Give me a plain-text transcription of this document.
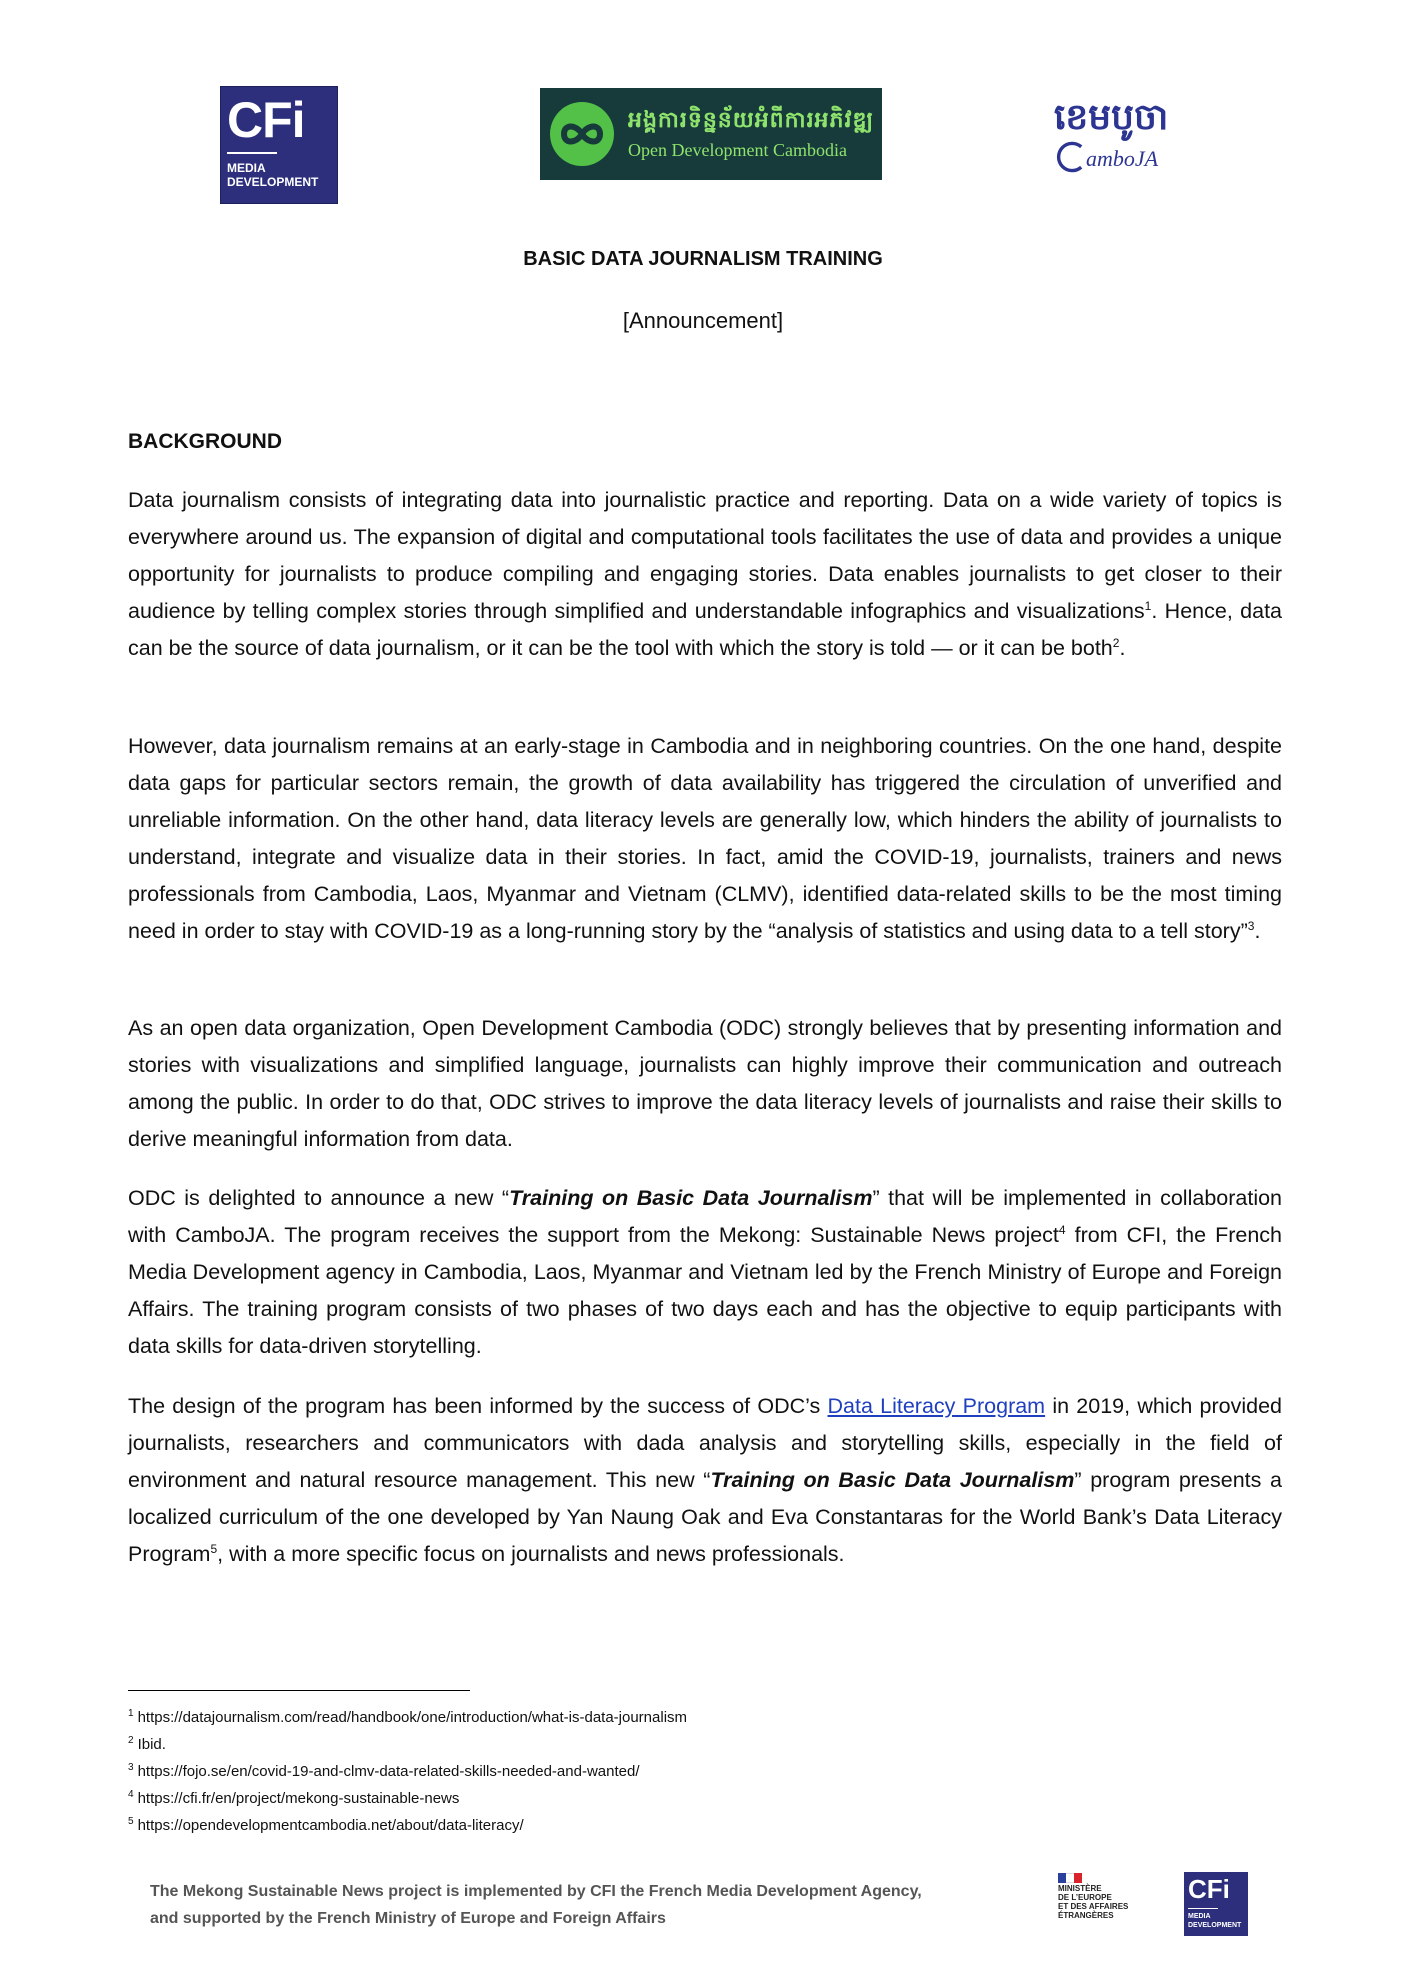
CFi
MEDIA
DEVELOPMENT
អង្គការទិន្នន័យអំពីការអភិវឌ្ឍ
Open Development Cambodia
ខេមបូចា
amboJA
BASIC DATA JOURNALISM TRAINING
[Announcement]
BACKGROUND

Data journalism consists of integrating data into journalistic practice and reporting. Data on a wide variety of topics is everywhere around us. The expansion of digital and computational tools facilitates the use of data and provides a unique opportunity for journalists to produce compiling and engaging stories. Data enables journalists to get closer to their audience by telling complex stories through simplified and understandable infographics and visualizations$^1$. Hence, data can be the source of data journalism, or it can be the tool with which the story is told — or it can be both$^2$.

However, data journalism remains at an early-stage in Cambodia and in neighboring countries. On the one hand, despite data gaps for particular sectors remain, the growth of data availability has triggered the circulation of unverified and unreliable information. On the other hand, data literacy levels are generally low, which hinders the ability of journalists to understand, integrate and visualize data in their stories. In fact, amid the COVID-19, journalists, trainers and news professionals from Cambodia, Laos, Myanmar and Vietnam (CLMV), identified data-related skills to be the most timing need in order to stay with COVID-19 as a long-running story by the “analysis of statistics and using data to a tell story”$^3$.

As an open data organization, Open Development Cambodia (ODC) strongly believes that by presenting information and stories with visualizations and simplified language, journalists can highly improve their communication and outreach among the public. In order to do that, ODC strives to improve the data literacy levels of journalists and raise their skills to derive meaningful information from data.

ODC is delighted to announce a new “Training on Basic Data Journalism” that will be implemented in collaboration with CamboJA. The program receives the support from the Mekong: Sustainable News project$^4$ from CFI, the French Media Development agency in Cambodia, Laos, Myanmar and Vietnam led by the French Ministry of Europe and Foreign Affairs. The training program consists of two phases of two days each and has the objective to equip participants with data skills for data-driven storytelling.

The design of the program has been informed by the success of ODC’s Data Literacy Program in 2019, which provided journalists, researchers and communicators with dada analysis and storytelling skills, especially in the field of environment and natural resource management. This new “Training on Basic Data Journalism” program presents a localized curriculum of the one developed by Yan Naung Oak and Eva Constantaras for the World Bank’s Data Literacy Program$^5$, with a more specific focus on journalists and news professionals.

$^1$ https://datajournalism.com/read/handbook/one/introduction/what-is-data-journalism
$^2$ Ibid.
$^3$ https://fojo.se/en/covid-19-and-clmv-data-related-skills-needed-and-wanted/
$^4$ https://cfi.fr/en/project/mekong-sustainable-news
$^5$ https://opendevelopmentcambodia.net/about/data-literacy/
The Mekong Sustainable News project is implemented by CFI the French Media Development Agency,
and supported by the French Ministry of Europe and Foreign Affairs
MINISTÈRE
DE L’EUROPE
ET DES AFFAIRES
ÉTRANGÈRES
CFi
MEDIA
DEVELOPMENT
